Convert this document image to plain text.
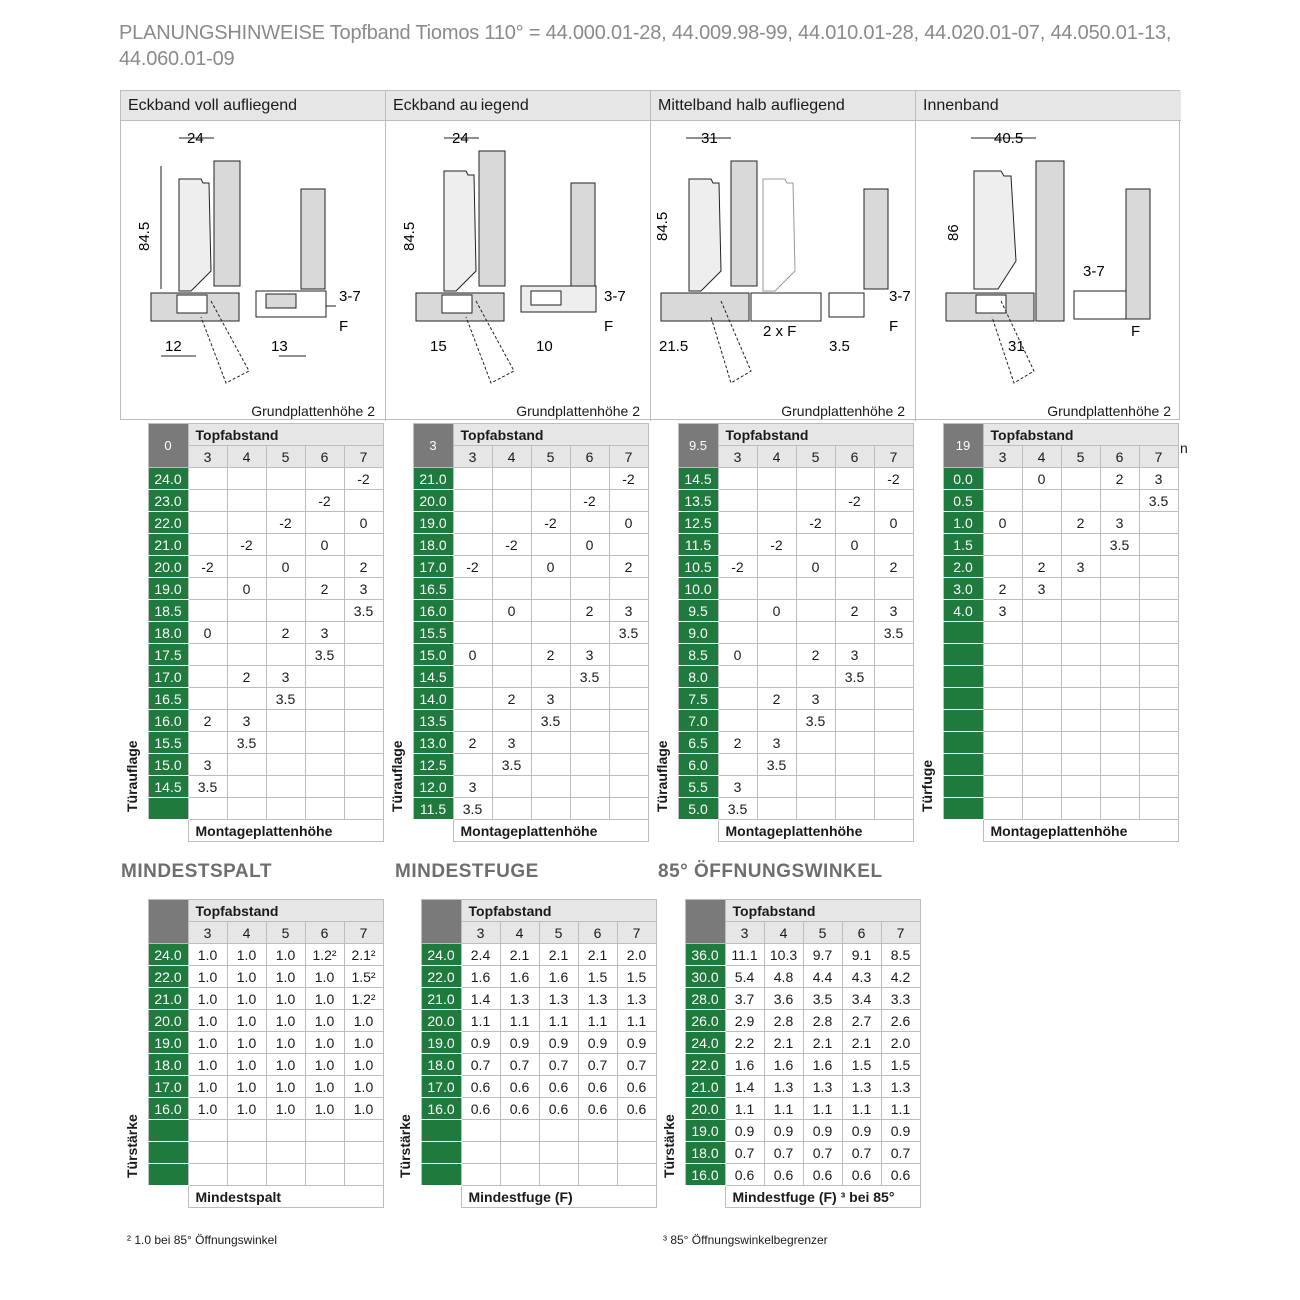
PLANUNGSHINWEISE Topfband Tiomos 110° = 44.000.01-28, 44.009.98-99, 44.010.01-28, 44.020.01-07, 44.050.01-13, 44.060.01-09
Eckband voll aufliegend
24
84.5
3-7
F
12	13
Grundplattenhöhe 2
Eckband au iegend
24
84.5
3-7
F
15	10
Grundplattenhöhe 2
Mittelband halb aufliegend
31
84.5
3-7
F
21.5
2 x F
3.5
Grundplattenhöhe 2
Innenband
40.5
86
3-7
F
31
Grundplattenhöhe 2
Türauflage	0	Topfabstand				
		3	4	5	6	7
	24.0					-2
	23.0				-2	
	22.0			-2		0
	21.0		-2		0	
	20.0	-2		0		2
	19.0		0		2	3
	18.5					3.5
	18.0	0		2	3	
	17.5				3.5	
	17.0		2	3		
	16.5			3.5		
	16.0	2	3			
	15.5		3.5			
	15.0	3				
	14.5	3.5				

		Montageplattenhöhe				
Türauflage	3	Topfabstand				
		3	4	5	6	7
	21.0					-2
	20.0				-2	
	19.0			-2		0
	18.0		-2		0	
	17.0	-2		0		2
	16.5					
	16.0		0		2	3
	15.5					3.5
	15.0	0		2	3	
	14.5				3.5	
	14.0		2	3		
	13.5			3.5		
	13.0	2	3			
	12.5		3.5			
	12.0	3				
	11.5	3.5				
		Montageplattenhöhe				
Türauflage	9.5	Topfabstand				
		3	4	5	6	7
	14.5					-2
	13.5				-2	
	12.5			-2		0
	11.5		-2		0	
	10.5	-2		0		2
	10.0					
	9.5		0		2	3
	9.0					3.5
	8.5	0		2	3	
	8.0				3.5	
	7.5		2	3		
	7.0			3.5		
	6.5	2	3			
	6.0		3.5			
	5.5	3				
	5.0	3.5				
		Montageplattenhöhe				
Türfuge	19	Topfabstand				
		3	4	5	6	7
	0.0		0		2	3
	0.5					3.5
	1.0	0		2	3	
	1.5				3.5	
	2.0		2	3		
	3.0	2	3			
	4.0	3				

		Montageplattenhöhe				
n
MINDESTSPALT	MINDESTFUGE	85° ÖFFNUNGSWINKEL
Türstärke		Topfabstand				
		3	4	5	6	7
	24.0	1.0	1.0	1.0	1.2²	2.1²
	22.0	1.0	1.0	1.0	1.0	1.5²
	21.0	1.0	1.0	1.0	1.0	1.2²
	20.0	1.0	1.0	1.0	1.0	1.0
	19.0	1.0	1.0	1.0	1.0	1.0
	18.0	1.0	1.0	1.0	1.0	1.0
	17.0	1.0	1.0	1.0	1.0	1.0
	16.0	1.0	1.0	1.0	1.0	1.0

		Mindestspalt				
Türstärke		Topfabstand				
		3	4	5	6	7
	24.0	2.4	2.1	2.1	2.1	2.0
	22.0	1.6	1.6	1.6	1.5	1.5
	21.0	1.4	1.3	1.3	1.3	1.3
	20.0	1.1	1.1	1.1	1.1	1.1
	19.0	0.9	0.9	0.9	0.9	0.9
	18.0	0.7	0.7	0.7	0.7	0.7
	17.0	0.6	0.6	0.6	0.6	0.6
	16.0	0.6	0.6	0.6	0.6	0.6

		Mindestfuge (F)				
Türstärke		Topfabstand				
		3	4	5	6	7
	36.0	11.1	10.3	9.7	9.1	8.5
	30.0	5.4	4.8	4.4	4.3	4.2
	28.0	3.7	3.6	3.5	3.4	3.3
	26.0	2.9	2.8	2.8	2.7	2.6
	24.0	2.2	2.1	2.1	2.1	2.0
	22.0	1.6	1.6	1.6	1.5	1.5
	21.0	1.4	1.3	1.3	1.3	1.3
	20.0	1.1	1.1	1.1	1.1	1.1
	19.0	0.9	0.9	0.9	0.9	0.9
	18.0	0.7	0.7	0.7	0.7	0.7
	16.0	0.6	0.6	0.6	0.6	0.6
		Mindestfuge (F) ³ bei 85°				
² 1.0 bei 85° Öffnungswinkel	³ 85° Öffnungswinkelbegrenzer
